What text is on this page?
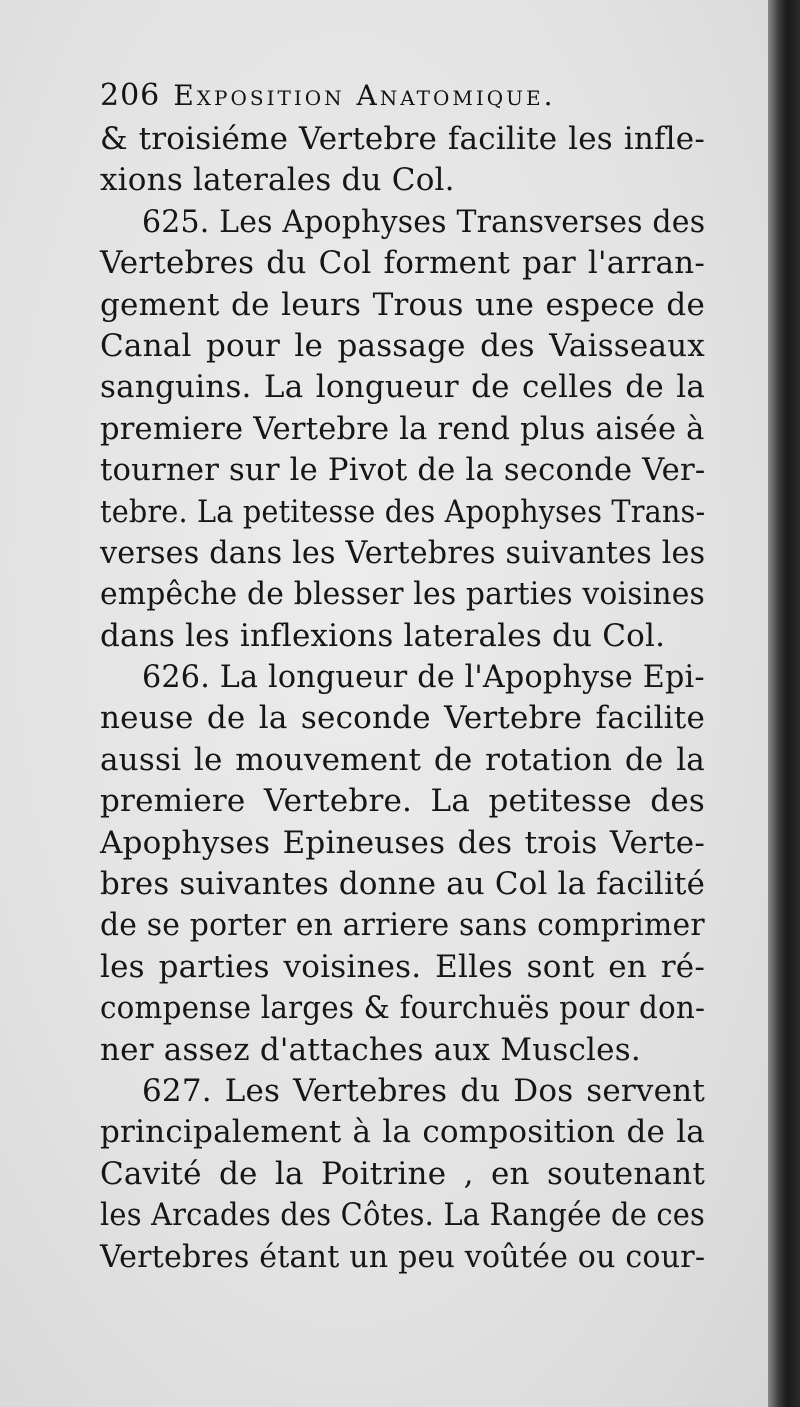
206 Exposition Anatomique.
& troisiéme Vertebre facilite les infle-
xions laterales du Col.
625. Les Apophyses Transverses des
Vertebres du Col forment par l'arran-
gement de leurs Trous une espece de
Canal pour le passage des Vaisseaux
sanguins. La longueur de celles de la
premiere Vertebre la rend plus aisée à
tourner sur le Pivot de la seconde Ver-
tebre. La petitesse des Apophyses Trans-
verses dans les Vertebres suivantes les
empêche de blesser les parties voisines
dans les inflexions laterales du Col.
626. La longueur de l'Apophyse Epi-
neuse de la seconde Vertebre facilite
aussi le mouvement de rotation de la
premiere Vertebre. La petitesse des
Apophyses Epineuses des trois Verte-
bres suivantes donne au Col la facilité
de se porter en arriere sans comprimer
les parties voisines. Elles sont en ré-
compense larges & fourchuës pour don-
ner assez d'attaches aux Muscles.
627. Les Vertebres du Dos servent
principalement à la composition de la
Cavité de la Poitrine , en soutenant
les Arcades des Côtes. La Rangée de ces
Vertebres étant un peu voûtée ou cour-
